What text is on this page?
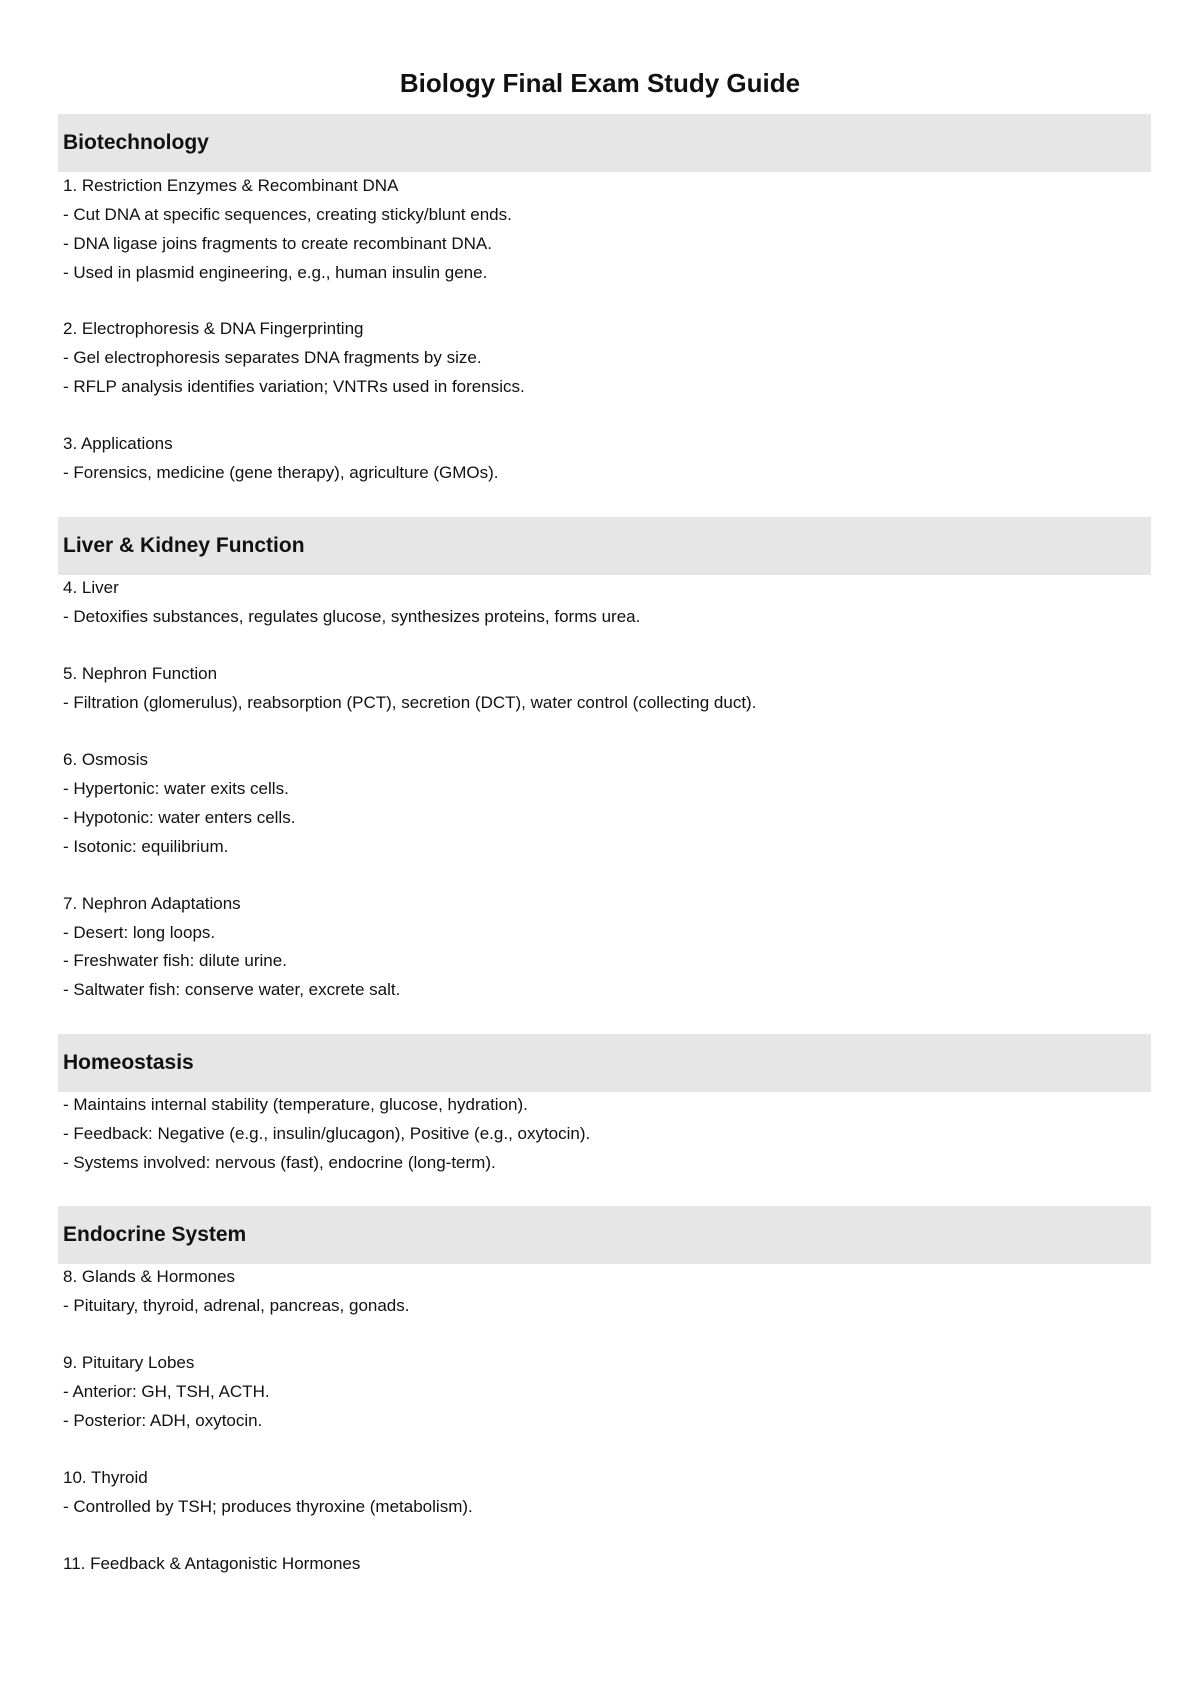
Biology Final Exam Study Guide
Biotechnology
1. Restriction Enzymes & Recombinant DNA
- Cut DNA at specific sequences, creating sticky/blunt ends.
- DNA ligase joins fragments to create recombinant DNA.
- Used in plasmid engineering, e.g., human insulin gene.
2. Electrophoresis & DNA Fingerprinting
- Gel electrophoresis separates DNA fragments by size.
- RFLP analysis identifies variation; VNTRs used in forensics.
3. Applications
- Forensics, medicine (gene therapy), agriculture (GMOs).
Liver & Kidney Function
4. Liver
- Detoxifies substances, regulates glucose, synthesizes proteins, forms urea.
5. Nephron Function
- Filtration (glomerulus), reabsorption (PCT), secretion (DCT), water control (collecting duct).
6. Osmosis
- Hypertonic: water exits cells.
- Hypotonic: water enters cells.
- Isotonic: equilibrium.
7. Nephron Adaptations
- Desert: long loops.
- Freshwater fish: dilute urine.
- Saltwater fish: conserve water, excrete salt.
Homeostasis
- Maintains internal stability (temperature, glucose, hydration).
- Feedback: Negative (e.g., insulin/glucagon), Positive (e.g., oxytocin).
- Systems involved: nervous (fast), endocrine (long-term).
Endocrine System
8. Glands & Hormones
- Pituitary, thyroid, adrenal, pancreas, gonads.
9. Pituitary Lobes
- Anterior: GH, TSH, ACTH.
- Posterior: ADH, oxytocin.
10. Thyroid
- Controlled by TSH; produces thyroxine (metabolism).
11. Feedback & Antagonistic Hormones
